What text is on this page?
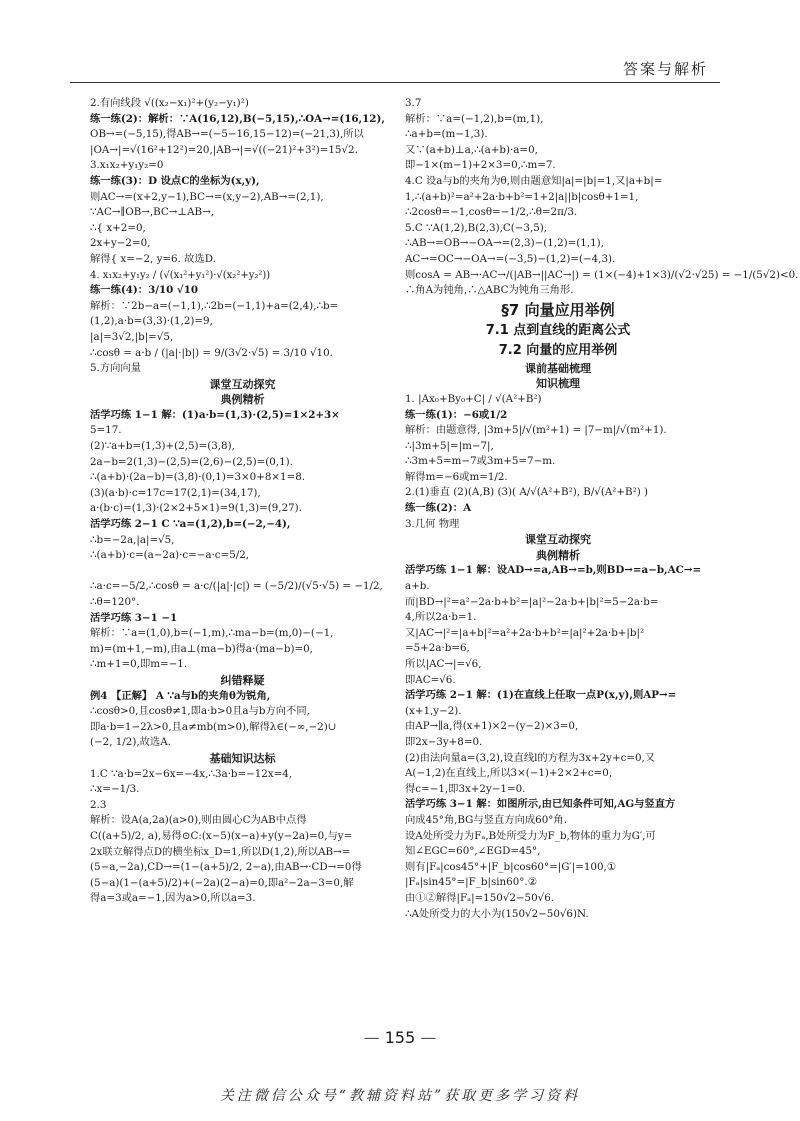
答案与解析
2.有向线段 √((x₂−x₁)²+(y₂−y₁)²)
练一练(2)：解析：∵A(16,12),B(−5,15),∴OA→=(16,12),
OB→=(−5,15),得AB→=(−5−16,15−12)=(−21,3),所以
|OA→|=√(16²+12²)=20,|AB→|=√((−21)²+3²)=15√2.
3.x₁x₂+y₁y₂=0
练一练(3)：D 设点C的坐标为(x,y),
则AC→=(x+2,y−1),BC→=(x,y−2),AB→=(2,1),
∵AC→∥OB→,BC→⊥AB→,
∴{ x+2=0,
2x+y−2=0,
解得{ x=−2, y=6. 故选D.
4. x₁x₂+y₁y₂ / (√(x₁²+y₁²)·√(x₂²+y₂²))
练一练(4)：3/10 √10
解析：∵2b−a=(−1,1),∴2b=(−1,1)+a=(2,4),∴b=
(1,2),a·b=(3,3)·(1,2)=9,
|a|=3√2,|b|=√5,
∴cosθ = a·b / (|a|·|b|) = 9/(3√2·√5) = 3/10 √10.
5.方向向量
课堂互动探究
典例精析
活学巧练 1−1 解：(1)a·b=(1,3)·(2,5)=1×2+3×
5=17.
(2)∵a+b=(1,3)+(2,5)=(3,8),
2a−b=2(1,3)−(2,5)=(2,6)−(2,5)=(0,1).
∴(a+b)·(2a−b)=(3,8)·(0,1)=3×0+8×1=8.
(3)(a·b)·c=17c=17(2,1)=(34,17),
a·(b·c)=(1,3)·(2×2+5×1)=9(1,3)=(9,27).
活学巧练 2−1 C ∵a=(1,2),b=(−2,−4),
∴b=−2a,|a|=√5,
∴(a+b)·c=(a−2a)·c=−a·c=5/2,

∴a·c=−5/2,∴cosθ = a·c/(|a|·|c|) = (−5/2)/(√5·√5) = −1/2,
∴θ=120°.
活学巧练 3−1 −1
解析：∵a=(1,0),b=(−1,m),∴ma−b=(m,0)−(−1,
m)=(m+1,−m),由a⊥(ma−b)得a·(ma−b)=0,
∴m+1=0,即m=−1.
纠错释疑
例4 【正解】 A ∵a与b的夹角θ为锐角,
∴cosθ>0,且cosθ≠1,即a·b>0且a与b方向不同,
即a·b=1−2λ>0,且a≠mb(m>0),解得λ∈(−∞,−2)∪
(−2, 1/2),故选A.
基础知识达标
1.C ∵a·b=2x−6x=−4x,∴3a·b=−12x=4,
∴x=−1/3.
2.3
解析：设A(a,2a)(a>0),则由圆心C为AB中点得
C((a+5)/2, a),易得⊙C:(x−5)(x−a)+y(y−2a)=0,与y=
2x联立解得点D的横坐标x_D=1,所以D(1,2),所以AB→=
(5−a,−2a),CD→=(1−(a+5)/2, 2−a),由AB→·CD→=0得
(5−a)(1−(a+5)/2)+(−2a)(2−a)=0,即a²−2a−3=0,解
得a=3或a=−1,因为a>0,所以a=3.
3.7
解析：∵a=(−1,2),b=(m,1),
∴a+b=(m−1,3).
又∵(a+b)⊥a,∴(a+b)·a=0,
即−1×(m−1)+2×3=0,∴m=7.
4.C 设a与b的夹角为θ,则由题意知|a|=|b|=1,又|a+b|=
1,∴(a+b)²=a²+2a·b+b²=1+2|a||b|cosθ+1=1,
∴2cosθ=−1,cosθ=−1/2,∴θ=2π/3.
5.C ∵A(1,2),B(2,3),C(−3,5),
∴AB→=OB→−OA→=(2,3)−(1,2)=(1,1),
AC→=OC→−OA→=(−3,5)−(1,2)=(−4,3).
则cosA = AB→·AC→/(|AB→||AC→|) = (1×(−4)+1×3)/(√2·√25) = −1/(5√2)<0.
∴角A为钝角,∴△ABC为钝角三角形.
§7 向量应用举例
7.1 点到直线的距离公式
7.2 向量的应用举例
课前基础梳理
知识梳理
1. |Ax₀+By₀+C| / √(A²+B²)
练一练(1)：−6或1/2
解析：由题意得, |3m+5|/√(m²+1) = |7−m|/√(m²+1).
∴|3m+5|=|m−7|,
∴3m+5=m−7或3m+5=7−m.
解得m=−6或m=1/2.
2.(1)垂直 (2)(A,B) (3)( A/√(A²+B²), B/√(A²+B²) )
练一练(2)：A
3.几何 物理
课堂互动探究
典例精析
活学巧练 1−1 解：设AD→=a,AB→=b,则BD→=a−b,AC→=
a+b.
而|BD→|²=a²−2a·b+b²=|a|²−2a·b+|b|²=5−2a·b=
4,所以2a·b=1.
又|AC→|²=|a+b|²=a²+2a·b+b²=|a|²+2a·b+|b|²
=5+2a·b=6,
所以|AC→|=√6,
即AC=√6.
活学巧练 2−1 解：(1)在直线上任取一点P(x,y),则AP→=
(x+1,y−2).
由AP→∥a,得(x+1)×2−(y−2)×3=0,
即2x−3y+8=0.
(2)由法向量a=(3,2),设直线l的方程为3x+2y+c=0,又
A(−1,2)在直线上,所以3×(−1)+2×2+c=0,
得c=−1,即3x+2y−1=0.
活学巧练 3−1 解：如图所示,由已知条件可知,AG与竖直方
向成45°角,BG与竖直方向成60°角.
设A处所受力为Fₐ,B处所受力为F_b,物体的重力为G′,可
知∠EGC=60°,∠EGD=45°,
则有|Fₐ|cos45°+|F_b|cos60°=|G′|=100,①
|Fₐ|sin45°=|F_b|sin60°.②
由①②解得|Fₐ|=150√2−50√6.
∴A处所受力的大小为(150√2−50√6)N.
— 155 —
关注微信公众号“教辅资料站”获取更多学习资料
